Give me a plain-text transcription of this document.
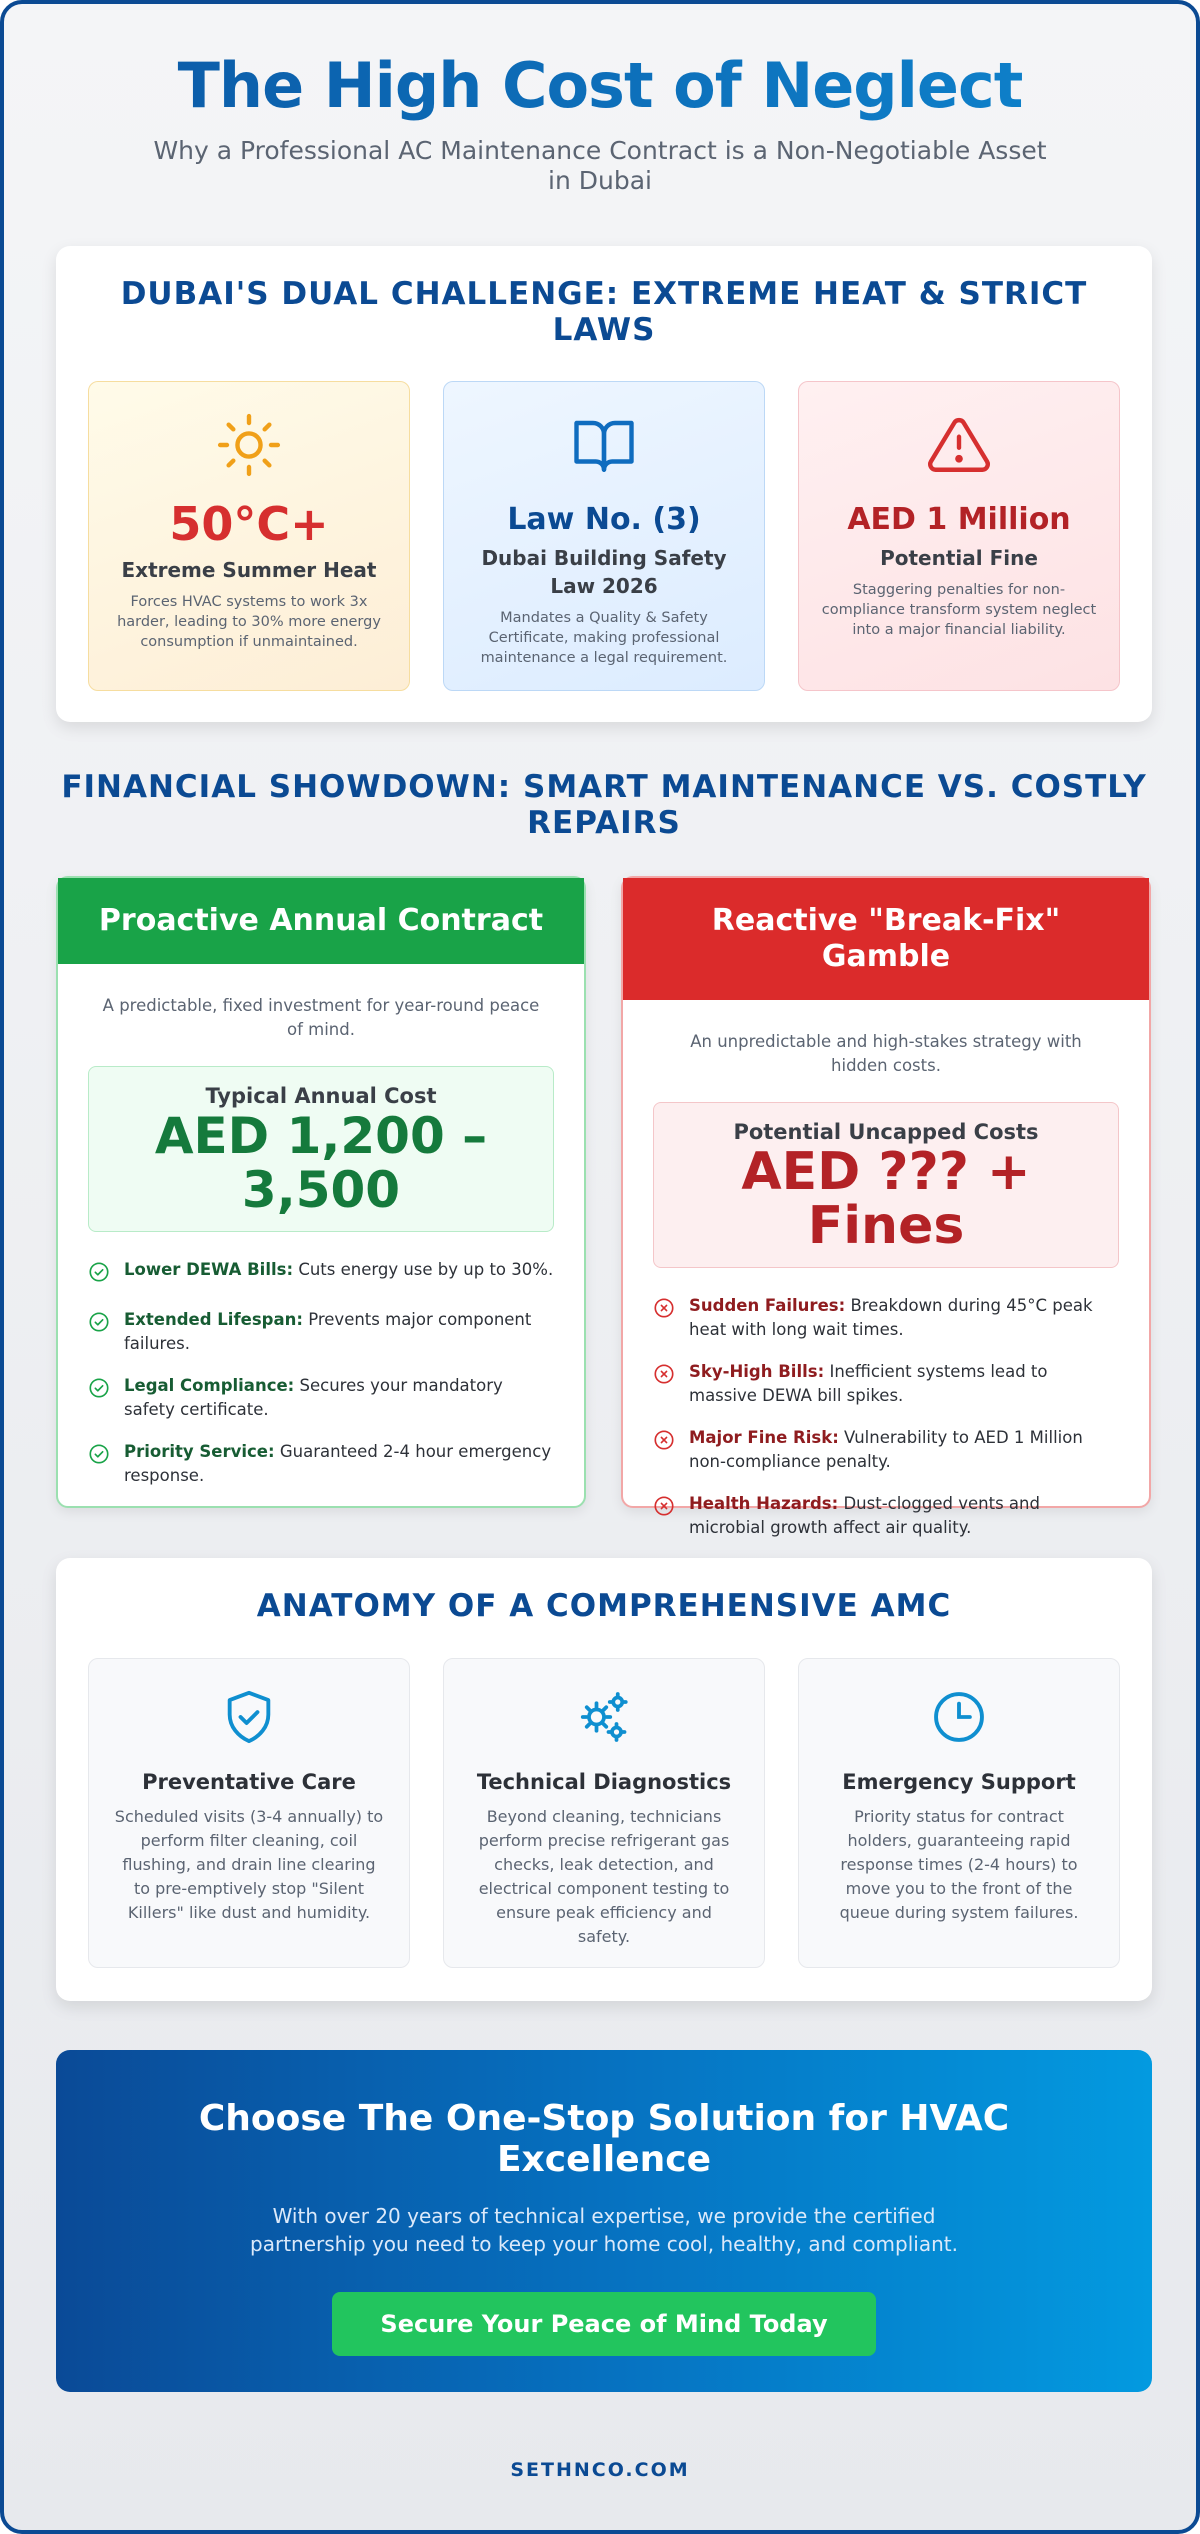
The High Cost of Neglect

Why a Professional AC Maintenance Contract is a Non-Negotiable Asset in Dubai

DUBAI'S DUAL CHALLENGE: EXTREME HEAT & STRICT LAWS
50°C+
Extreme Summer Heat
Forces HVAC systems to work 3x harder, leading to 30% more energy consumption if unmaintained.
Law No. (3)
Dubai Building Safety Law 2026
Mandates a Quality & Safety Certificate, making professional maintenance a legal requirement.
AED 1 Million
Potential Fine
Staggering penalties for non-compliance transform system neglect into a major financial liability.
FINANCIAL SHOWDOWN: SMART MAINTENANCE VS. COSTLY REPAIRS
Proactive Annual Contract

A predictable, fixed investment for year-round peace of mind.

Typical Annual Cost
AED 1,200 – 3,500
Lower DEWA Bills: Cuts energy use by up to 30%.
Extended Lifespan: Prevents major component failures.
Legal Compliance: Secures your mandatory safety certificate.
Priority Service: Guaranteed 2-4 hour emergency response.
Reactive "Break-Fix" Gamble

An unpredictable and high-stakes strategy with hidden costs.

Potential Uncapped Costs
AED ??? + Fines
Sudden Failures: Breakdown during 45°C peak heat with long wait times.
Sky-High Bills: Inefficient systems lead to massive DEWA bill spikes.
Major Fine Risk: Vulnerability to AED 1 Million non-compliance penalty.
Health Hazards: Dust-clogged vents and microbial growth affect air quality.
ANATOMY OF A COMPREHENSIVE AMC
Preventative Care
Scheduled visits (3-4 annually) to perform filter cleaning, coil flushing, and drain line clearing to pre-emptively stop "Silent Killers" like dust and humidity.
Technical Diagnostics
Beyond cleaning, technicians perform precise refrigerant gas checks, leak detection, and electrical component testing to ensure peak efficiency and safety.
Emergency Support
Priority status for contract holders, guaranteeing rapid response times (2-4 hours) to move you to the front of the queue during system failures.
Choose The One-Stop Solution for HVAC Excellence

With over 20 years of technical expertise, we provide the certified partnership you need to keep your home cool, healthy, and compliant.

Secure Your Peace of Mind Today
SETHNCO.COM
